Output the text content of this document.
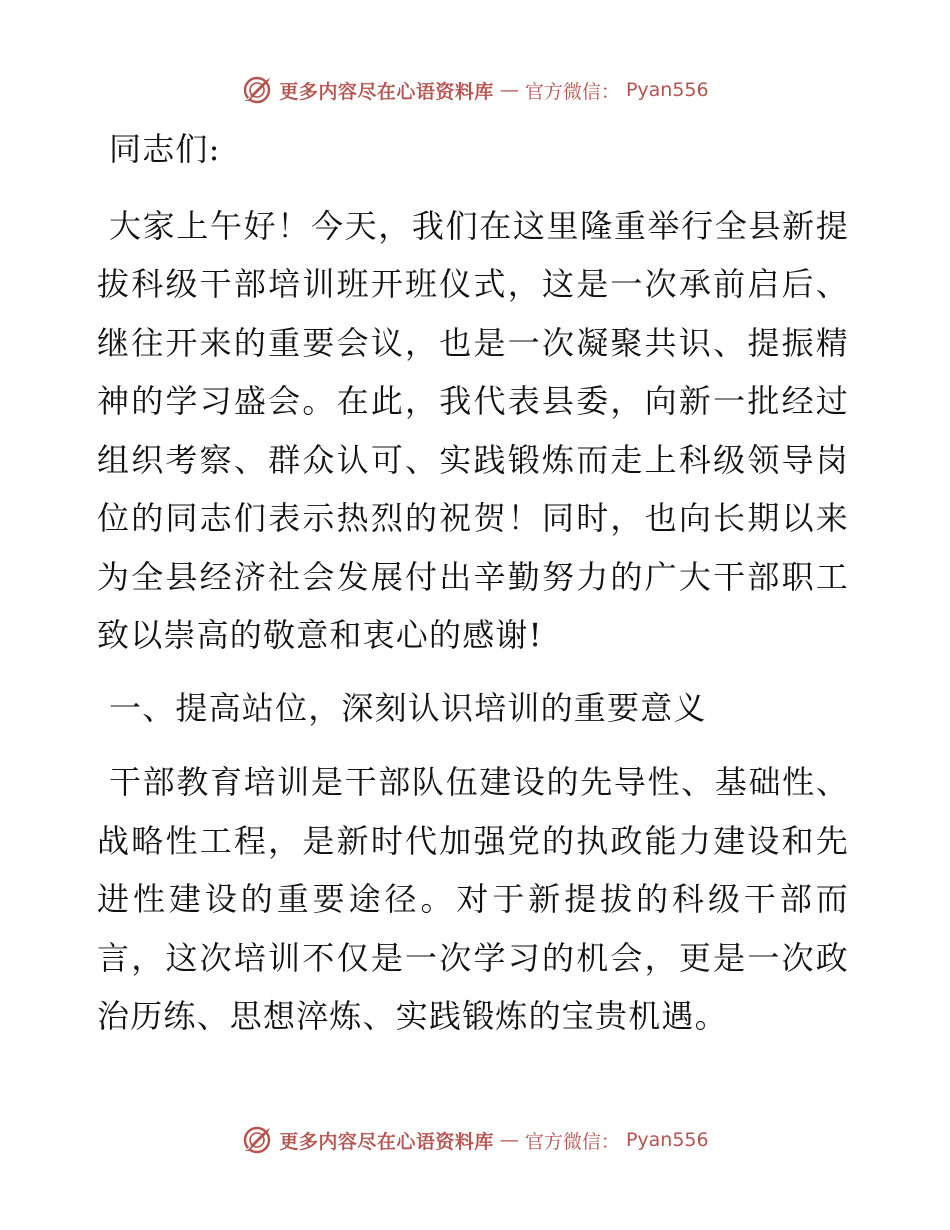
更多内容尽在心语资料库 — 官方微信： Pyan556

同志们:

大家上午好！今天，我们在这里隆重举行全县新提拔科级干部培训班开班仪式，这是一次承前启后、继往开来的重要会议，也是一次凝聚共识、提振精神的学习盛会。在此，我代表县委，向新一批经过组织考察、群众认可、实践锻炼而走上科级领导岗位的同志们表示热烈的祝贺！同时，也向长期以来为全县经济社会发展付出辛勤努力的广大干部职工致以崇高的敬意和衷心的感谢!

一、提高站位，深刻认识培训的重要意义

干部教育培训是干部队伍建设的先导性、基础性、战略性工程，是新时代加强党的执政能力建设和先进性建设的重要途径。对于新提拔的科级干部而言，这次培训不仅是一次学习的机会，更是一次政治历练、思想淬炼、实践锻炼的宝贵机遇。

更多内容尽在心语资料库 — 官方微信： Pyan556
